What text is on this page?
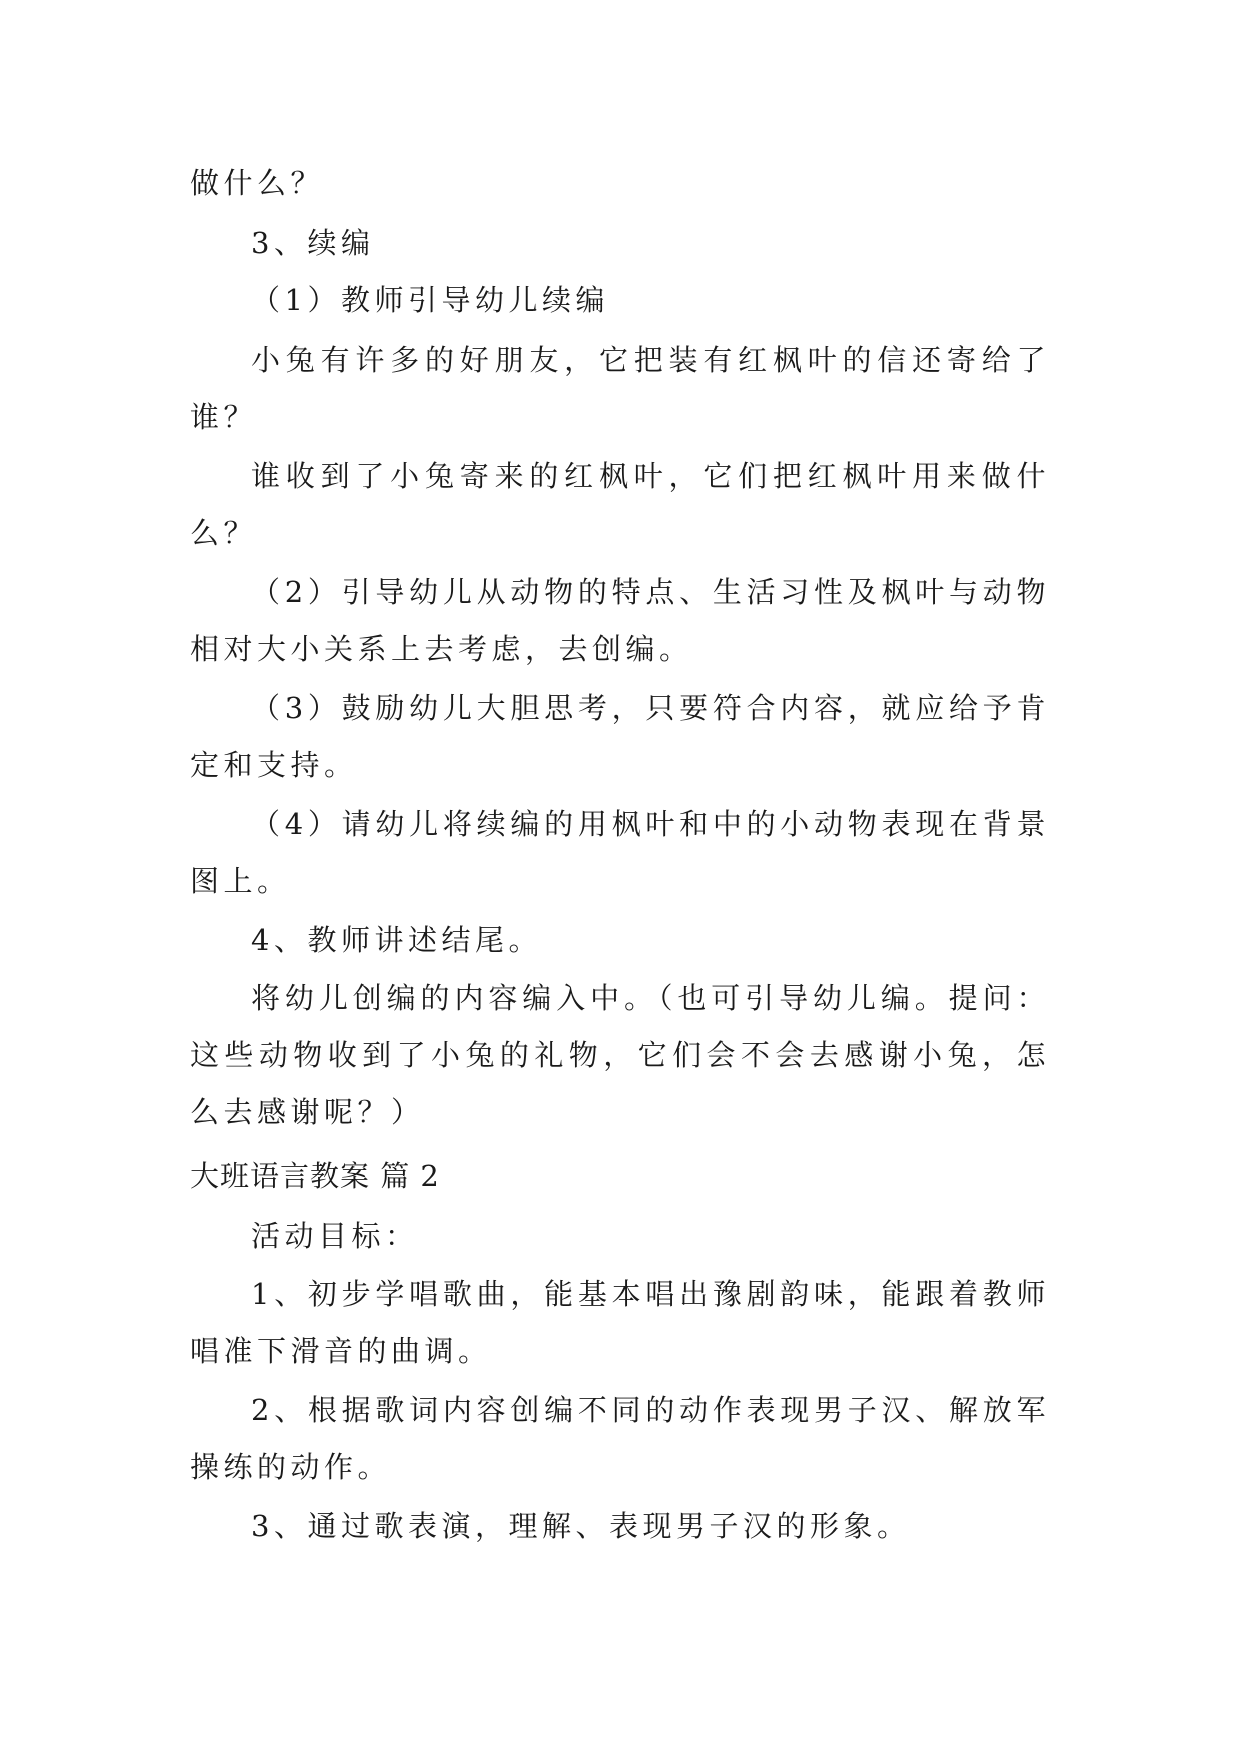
做什么？
3、续编
（1）教师引导幼儿续编
小兔有许多的好朋友，它把装有红枫叶的信还寄给了谁？
谁收到了小兔寄来的红枫叶，它们把红枫叶用来做什么？
（2）引导幼儿从动物的特点、生活习性及枫叶与动物相对大小关系上去考虑，去创编。
（3）鼓励幼儿大胆思考，只要符合内容，就应给予肯定和支持。
（4）请幼儿将续编的用枫叶和中的小动物表现在背景图上。
4、教师讲述结尾。
将幼儿创编的内容编入中。（也可引导幼儿编。提问：这些动物收到了小兔的礼物，它们会不会去感谢小兔，怎么去感谢呢？）
大班语言教案 篇 2
活动目标：
1、初步学唱歌曲，能基本唱出豫剧韵味，能跟着教师唱准下滑音的曲调。
2、根据歌词内容创编不同的动作表现男子汉、解放军操练的动作。
3、通过歌表演，理解、表现男子汉的形象。
